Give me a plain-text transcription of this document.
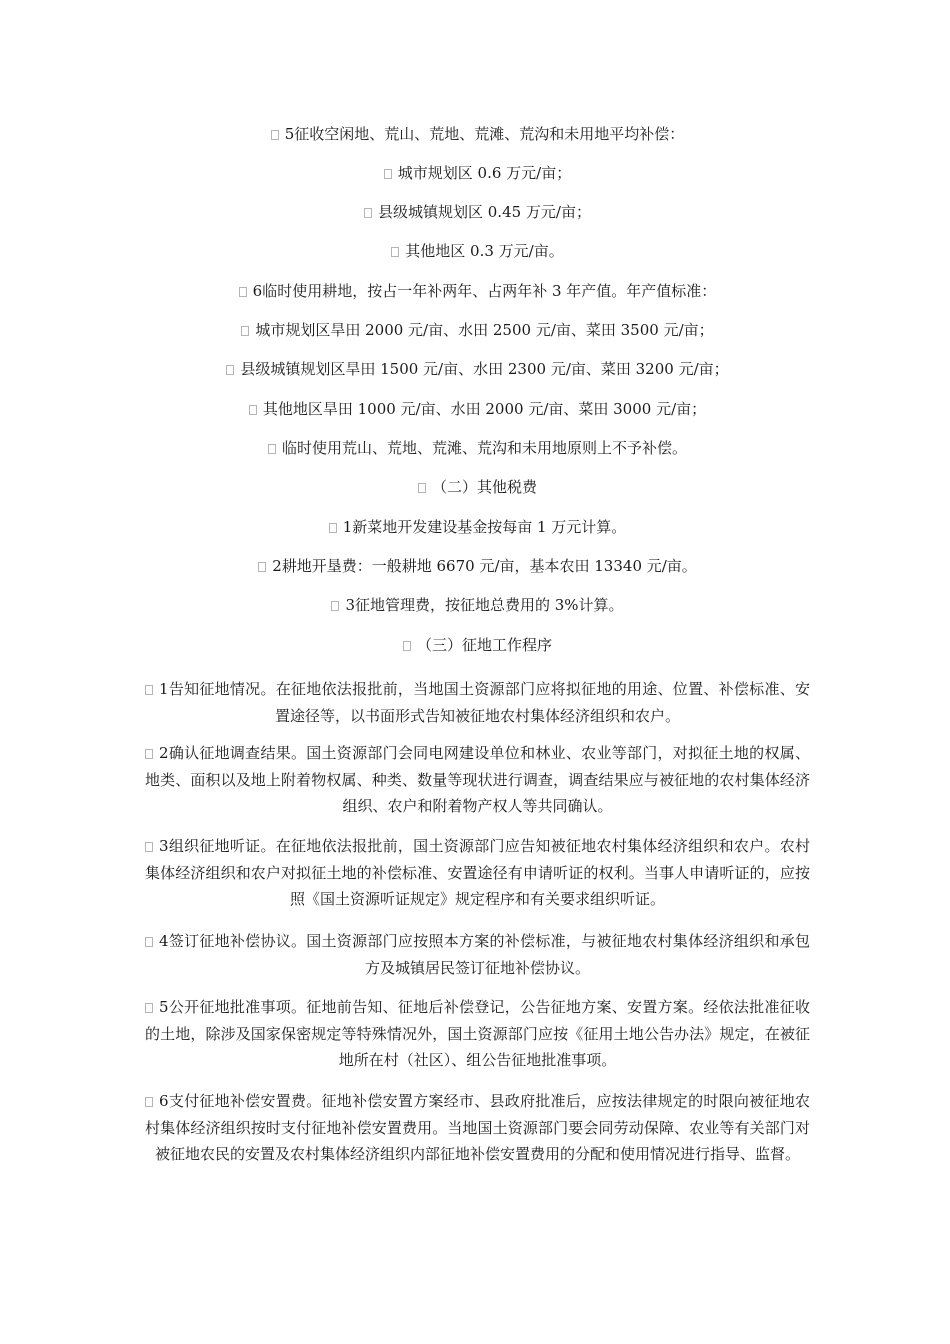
5征收空闲地、荒山、荒地、荒滩、荒沟和未用地平均补偿：
城市规划区 0.6 万元/亩；
县级城镇规划区 0.45 万元/亩；
其他地区 0.3 万元/亩。
6临时使用耕地，按占一年补两年、占两年补 3 年产值。年产值标准：
城市规划区旱田 2000 元/亩、水田 2500 元/亩、菜田 3500 元/亩；
县级城镇规划区旱田 1500 元/亩、水田 2300 元/亩、菜田 3200 元/亩；
其他地区旱田 1000 元/亩、水田 2000 元/亩、菜田 3000 元/亩；
临时使用荒山、荒地、荒滩、荒沟和未用地原则上不予补偿。
（二）其他税费
1新菜地开发建设基金按每亩 1 万元计算。
2耕地开垦费：一般耕地 6670 元/亩，基本农田 13340 元/亩。
3征地管理费，按征地总费用的 3%计算。
（三）征地工作程序
1告知征地情况。在征地依法报批前，当地国土资源部门应将拟征地的用途、位置、补偿标准、安置途径等，以书面形式告知被征地农村集体经济组织和农户。
2确认征地调查结果。国土资源部门会同电网建设单位和林业、农业等部门，对拟征土地的权属、地类、面积以及地上附着物权属、种类、数量等现状进行调查，调查结果应与被征地的农村集体经济组织、农户和附着物产权人等共同确认。
3组织征地听证。在征地依法报批前，国土资源部门应告知被征地农村集体经济组织和农户。农村集体经济组织和农户对拟征土地的补偿标准、安置途径有申请听证的权利。当事人申请听证的，应按照《国土资源听证规定》规定程序和有关要求组织听证。
4签订征地补偿协议。国土资源部门应按照本方案的补偿标准，与被征地农村集体经济组织和承包方及城镇居民签订征地补偿协议。
5公开征地批准事项。征地前告知、征地后补偿登记，公告征地方案、安置方案。经依法批准征收的土地，除涉及国家保密规定等特殊情况外，国土资源部门应按《征用土地公告办法》规定，在被征地所在村（社区）、组公告征地批准事项。
6支付征地补偿安置费。征地补偿安置方案经市、县政府批准后，应按法律规定的时限向被征地农村集体经济组织按时支付征地补偿安置费用。当地国土资源部门要会同劳动保障、农业等有关部门对被征地农民的安置及农村集体经济组织内部征地补偿安置费用的分配和使用情况进行指导、监督。
